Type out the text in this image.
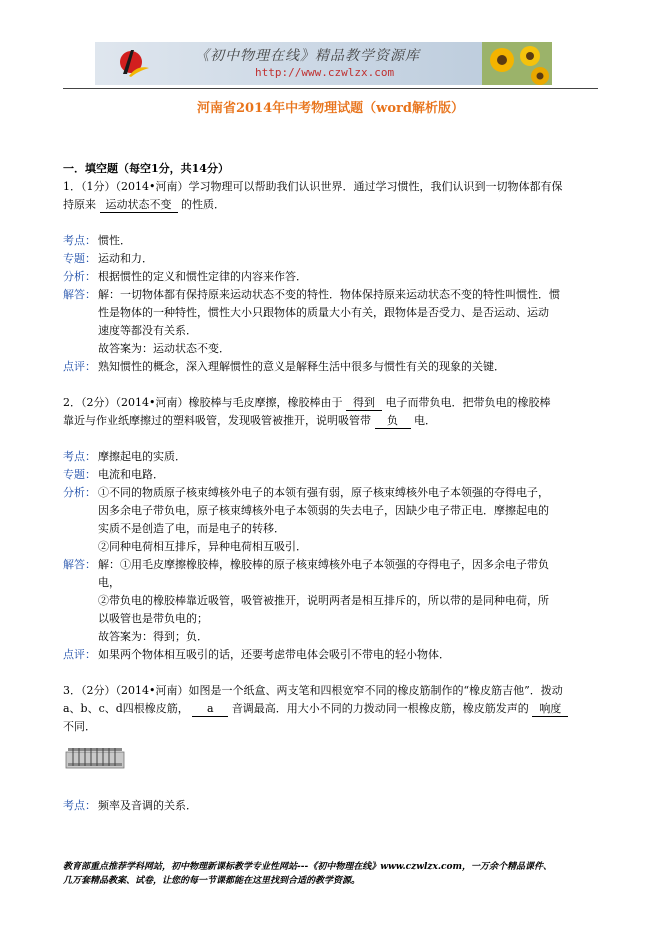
《初中物理在线》精品教学资源库
http://www.czwlzx.com
河南省2014年中考物理试题（word解析版）
一．填空题（每空1分，共14分）
1．（1分）（2014•河南）学习物理可以帮助我们认识世界．通过学习惯性，我们认识到一切物体都有保
持原来 运动状态不变 的性质．
考点： 惯性．
专题： 运动和力．
分析： 根据惯性的定义和惯性定律的内容来作答．
解答： 解：一切物体都有保持原来运动状态不变的特性．物体保持原来运动状态不变的特性叫惯性．惯
性是物体的一种特性，惯性大小只跟物体的质量大小有关，跟物体是否受力、是否运动、运动
速度等都没有关系．
故答案为：运动状态不变．
点评： 熟知惯性的概念，深入理解惯性的意义是解释生活中很多与惯性有关的现象的关键．
2．（2分）（2014•河南）橡胶棒与毛皮摩擦，橡胶棒由于 得到 电子而带负电．把带负电的橡胶棒
靠近与作业纸摩擦过的塑料吸管，发现吸管被推开，说明吸管带 负 电．
考点： 摩擦起电的实质．
专题： 电流和电路．
分析： ①不同的物质原子核束缚核外电子的本领有强有弱，原子核束缚核外电子本领强的夺得电子，
因多余电子带负电，原子核束缚核外电子本领弱的失去电子，因缺少电子带正电．摩擦起电的
实质不是创造了电，而是电子的转移．
②同种电荷相互排斥，异种电荷相互吸引．
解答： 解：①用毛皮摩擦橡胶棒，橡胶棒的原子核束缚核外电子本领强的夺得电子，因多余电子带负
电，
②带负电的橡胶棒靠近吸管，吸管被推开，说明两者是相互排斥的，所以带的是同种电荷，所
以吸管也是带负电的；
故答案为：得到；负．
点评： 如果两个物体相互吸引的话，还要考虑带电体会吸引不带电的轻小物体．
3．（2分）（2014•河南）如图是一个纸盒、两支笔和四根宽窄不同的橡皮筋制作的“橡皮筋吉他”．拨动
a、b、c、d四根橡皮筋， a 音调最高．用大小不同的力拨动同一根橡皮筋，橡皮筋发声的 响度
不同．
考点： 频率及音调的关系．
教育部重点推荐学科网站，初中物理新课标教学专业性网站---《初中物理在线》www.czwlzx.com，一万余个精品课件、
几万套精品教案、试卷，让您的每一节课都能在这里找到合适的教学资源。
